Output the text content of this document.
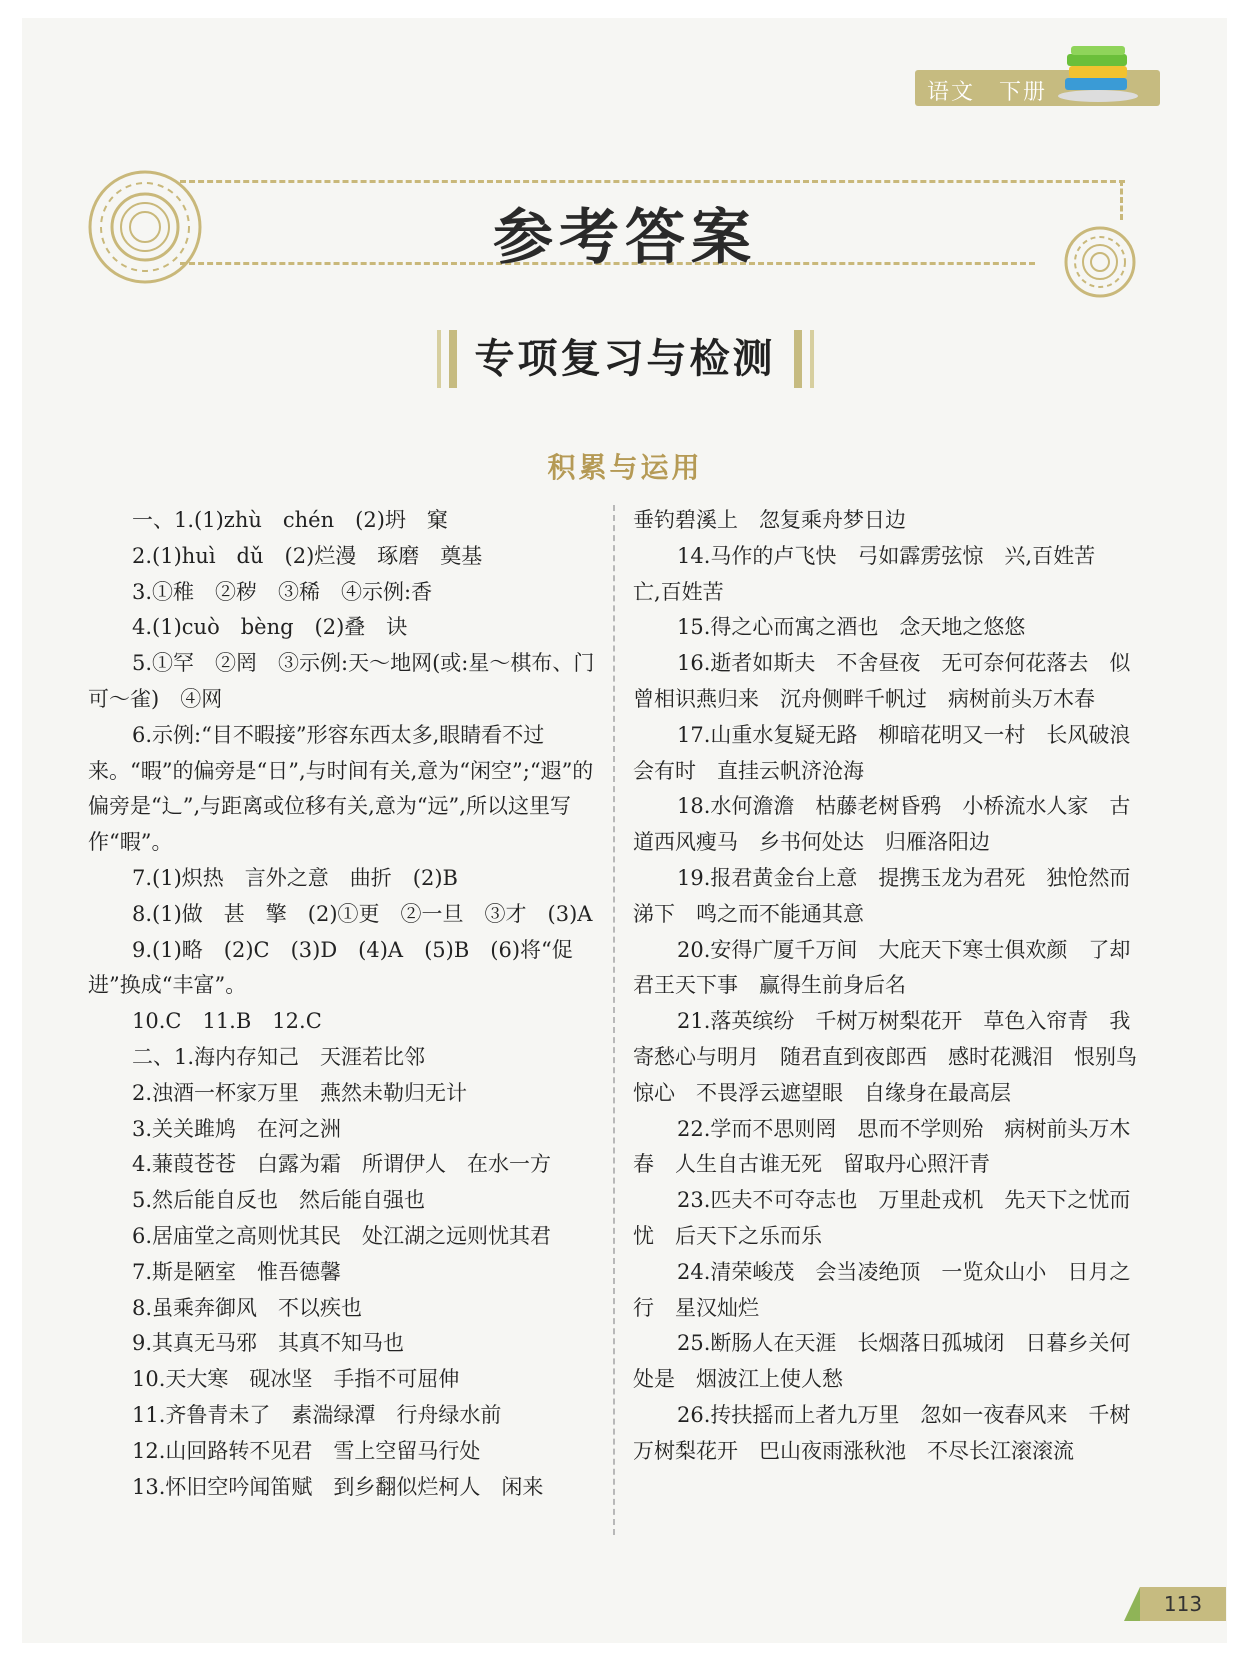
语文　下册
参考答案
专项复习与检测
积累与运用

一、1.(1)zhù　chén　(2)坍　窠

2.(1)huì　dǔ　(2)烂漫　琢磨　奠基

3.①稚　②秽　③稀　④示例:香

4.(1)cuò　bèng　(2)叠　诀

5.①罕　②罔　③示例:天～地网(或:星～棋布、门可～雀)　④网

6.示例:“目不暇接”形容东西太多,眼睛看不过来。“暇”的偏旁是“日”,与时间有关,意为“闲空”;“遐”的偏旁是“辶”,与距离或位移有关,意为“远”,所以这里写作“暇”。

7.(1)炽热　言外之意　曲折　(2)B

8.(1)做　甚　擎　(2)①更　②一旦　③才　(3)A

9.(1)略　(2)C　(3)D　(4)A　(5)B　(6)将“促进”换成“丰富”。

10.C　11.B　12.C

二、1.海内存知己　天涯若比邻

2.浊酒一杯家万里　燕然未勒归无计

3.关关雎鸠　在河之洲

4.蒹葭苍苍　白露为霜　所谓伊人　在水一方

5.然后能自反也　然后能自强也

6.居庙堂之高则忧其民　处江湖之远则忧其君

7.斯是陋室　惟吾德馨

8.虽乘奔御风　不以疾也

9.其真无马邪　其真不知马也

10.天大寒　砚冰坚　手指不可屈伸

11.齐鲁青未了　素湍绿潭　行舟绿水前

12.山回路转不见君　雪上空留马行处

13.怀旧空吟闻笛赋　到乡翻似烂柯人　闲来

垂钓碧溪上　忽复乘舟梦日边

14.马作的卢飞快　弓如霹雳弦惊　兴,百姓苦　亡,百姓苦

15.得之心而寓之酒也　念天地之悠悠

16.逝者如斯夫　不舍昼夜　无可奈何花落去　似曾相识燕归来　沉舟侧畔千帆过　病树前头万木春

17.山重水复疑无路　柳暗花明又一村　长风破浪会有时　直挂云帆济沧海

18.水何澹澹　枯藤老树昏鸦　小桥流水人家　古道西风瘦马　乡书何处达　归雁洛阳边

19.报君黄金台上意　提携玉龙为君死　独怆然而涕下　鸣之而不能通其意

20.安得广厦千万间　大庇天下寒士俱欢颜　了却君王天下事　赢得生前身后名

21.落英缤纷　千树万树梨花开　草色入帘青　我寄愁心与明月　随君直到夜郎西　感时花溅泪　恨别鸟惊心　不畏浮云遮望眼　自缘身在最高层

22.学而不思则罔　思而不学则殆　病树前头万木春　人生自古谁无死　留取丹心照汗青

23.匹夫不可夺志也　万里赴戎机　先天下之忧而忧　后天下之乐而乐

24.清荣峻茂　会当凌绝顶　一览众山小　日月之行　星汉灿烂

25.断肠人在天涯　长烟落日孤城闭　日暮乡关何处是　烟波江上使人愁

26.抟扶摇而上者九万里　忽如一夜春风来　千树万树梨花开　巴山夜雨涨秋池　不尽长江滚滚流

113
